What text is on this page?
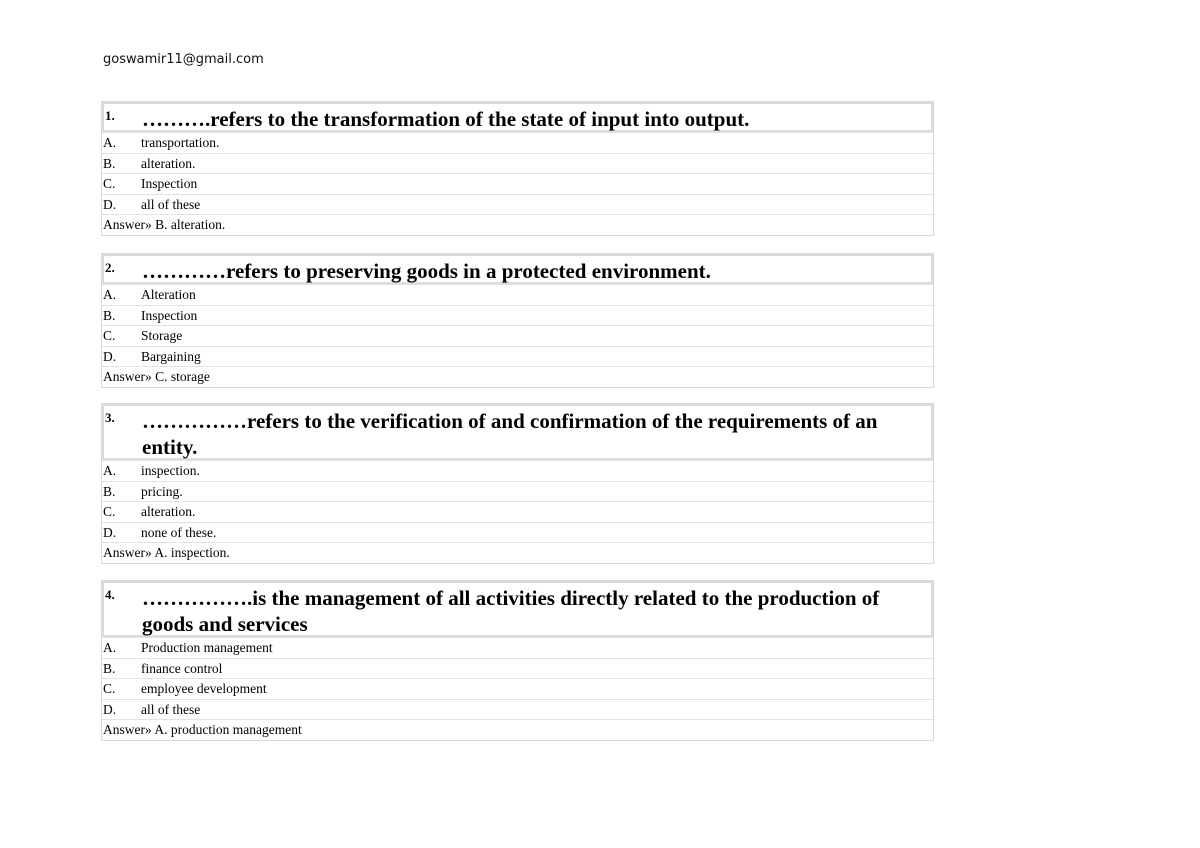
goswamir11@gmail.com
1.	……….refers to the transformation of the state of input into output.
A.	transportation.
B.	alteration.
C.	Inspection
D.	all of these
Answer» B. alteration.
2.	…………refers to preserving goods in a protected environment.
A.	Alteration
B.	Inspection
C.	Storage
D.	Bargaining
Answer» C. storage
3.	……………refers to the verification of and confirmation of the requirements of an entity.
A.	inspection.
B.	pricing.
C.	alteration.
D.	none of these.
Answer» A. inspection.
4.	…………….is the management of all activities directly related to the production of goods and services
A.	Production management
B.	finance control
C.	employee development
D.	all of these
Answer» A. production management
